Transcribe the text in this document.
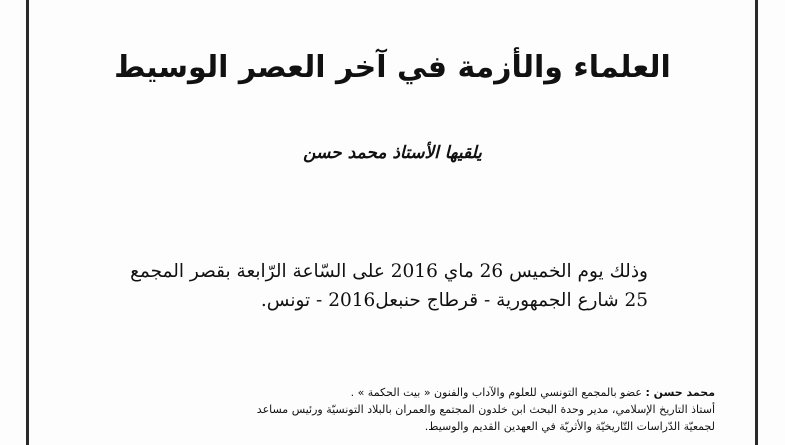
العلماء والأزمة في آخر العصر الوسيط
يلقيها الأستاذ محمد حسن
وذلك يوم الخميس 26 ماي 2016 على السّاعة الرّابعة بقصر المجمع
25 شارع الجمهورية - قرطاج حنبعل2016 - تونس.
محمد حسن : عضو بالمجمع التونسي للعلوم والآداب والفنون « بيت الحكمة » .
أستاذ التاريخ الإسلامي، مدير وحدة البحث ابن خلدون المجتمع والعمران بالبلاد التونسيّة ورئيس مساعد
لجمعيّة الدّراسات التّاريخيّة والأثريّة في العهدين القديم والوسيط.
